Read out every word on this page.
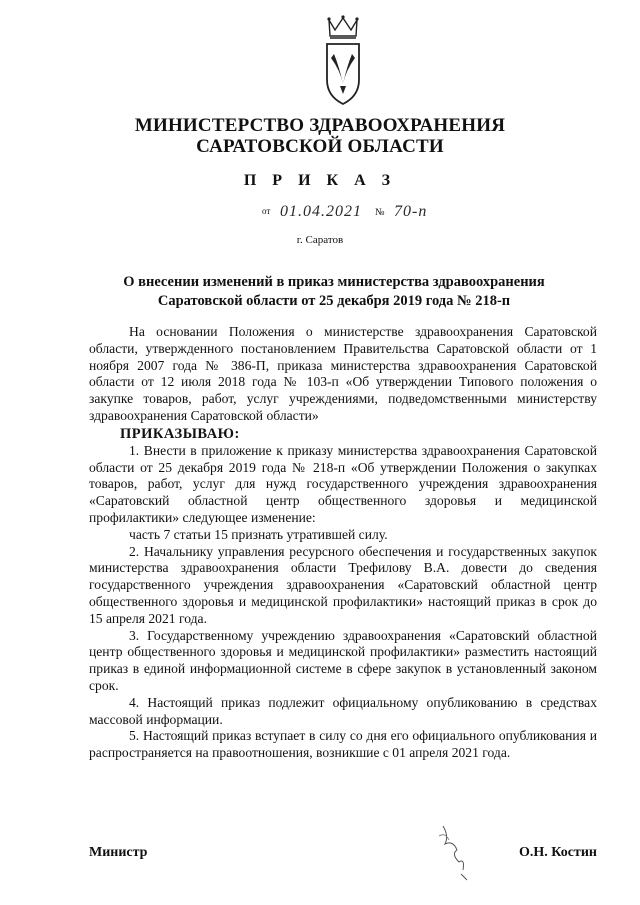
МИНИСТЕРСТВО ЗДРАВООХРАНЕНИЯ
САРАТОВСКОЙ ОБЛАСТИ
П Р И К А З
от 01.04.2021 № 70-п
г. Саратов
О внесении изменений в приказ министерства здравоохранения
Саратовской области от 25 декабря 2019 года № 218-п

На основании Положения о министерстве здравоохранения Саратовской области, утвержденного постановлением Правительства Саратовской области от 1 ноября 2007 года № 386-П, приказа министерства здравоохранения Саратовской области от 12 июля 2018 года № 103-п «Об утверждении Типового положения о закупке товаров, работ, услуг учреждениями, подведомственными министерству здравоохранения Саратовской области»

ПРИКАЗЫВАЮ:

1. Внести в приложение к приказу министерства здравоохранения Саратовской области от 25 декабря 2019 года № 218-п «Об утверждении Положения о закупках товаров, работ, услуг для нужд государственного учреждения здравоохранения «Саратовский областной центр общественного здоровья и медицинской профилактики» следующее изменение:

часть 7 статьи 15 признать утратившей силу.

2. Начальнику управления ресурсного обеспечения и государственных закупок министерства здравоохранения области Трефилову В.А. довести до сведения государственного учреждения здравоохранения «Саратовский областной центр общественного здоровья и медицинской профилактики» настоящий приказ в срок до 15 апреля 2021 года.

3. Государственному учреждению здравоохранения «Саратовский областной центр общественного здоровья и медицинской профилактики» разместить настоящий приказ в единой информационной системе в сфере закупок в установленный законом срок.

4. Настоящий приказ подлежит официальному опубликованию в средствах массовой информации.

5. Настоящий приказ вступает в силу со дня его официального опубликования и распространяется на правоотношения, возникшие с 01 апреля 2021 года.

Министр	О.Н. Костин
